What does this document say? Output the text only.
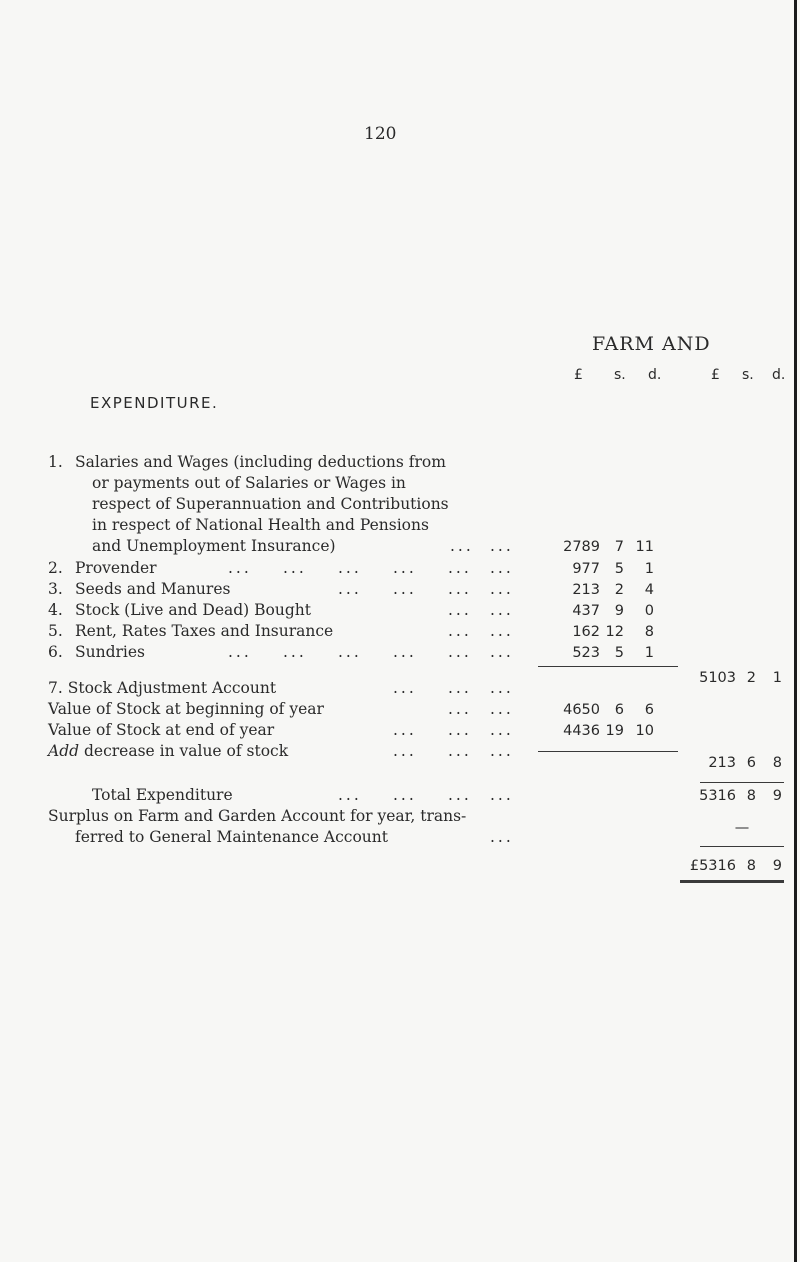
120
FARM AND
EXPENDITURE.
£ s. d.	£ s. d.
1. Salaries and Wages (including deductions from
or payments out of Salaries or Wages in
respect of Superannuation and Contributions
in respect of National Health and Pensions
and Unemployment Insurance)	... ...	2789	7 11
2. Provender	... ... ... ... ... ...	977	5	1
3. Seeds and Manures	... ... ... ...	213	2	4
4. Stock (Live and Dead) Bought	... ...	437	9	0
5. Rent, Rates Taxes and Insurance	... ...	162 12	8
6. Sundries	... ... ... ... ... ...	523	5	1
5103 2	1
7. Stock Adjustment Account	... ... ...
Value of Stock at beginning of year	... ...	4650	6	6
Value of Stock at end of year	... ... ...	4436 19 10
Add decrease in value of stock	... ... ...
213 6	8
Total Expenditure	... ... ... ...	5316 8	9
Surplus on Farm and Garden Account for year, trans-
ferred to General Maintenance Account	...	—
£5316 8	9
